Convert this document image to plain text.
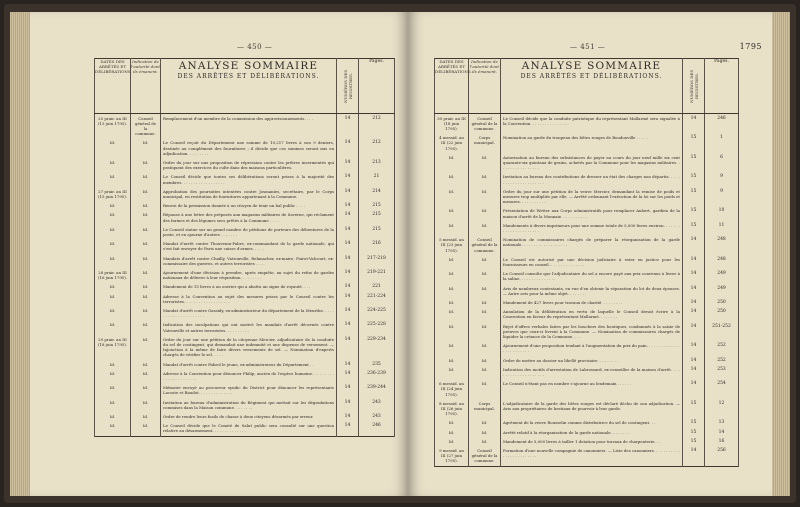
— 450 —
DATES DES ARRÊTÉS ET DÉLIBÉRATIONS.	Indication de l'autorité dont ils émanent.	ANALYSE SOMMAIRE
DES ARRÊTÉS ET DÉLIBÉRATIONS.	NUMÉROS DES REGISTRES.	Pages.

25 prair. an III (13 juin 1795).	Conseil général de la commune.	Remplacement d'un membre de la commission des approvisionnements. . . .	14	212
Id.	Id.	Le Conseil reçoit du Département une somme de 10,217 livres à son 9 deniers, destinée au complément des fournitures ; il décide que ces sommes seront mis en adjudication. . . . . . . . .	14	212
Id.	Id.	Ordre du jour sur une proposition de répression contre les prêtres insermentés qui pratiquent des exercices du culte dans des maisons particulières.	14	213
Id.	Id.	Le Conseil décide que toutes ses délibérations seront prises à la majorité des membres. . . . . . . . . . . . . . . . . .	14	21
27 prair. an III (15 juin 1795).	Id.	Approbation des poursuites intentées contre Josmanies, secrétaire, par le Corps municipal, en restitution de fournitures appartenant à la Commune.	14	214
Id.	Id.	Renvoi de la permission donnée à un citoyen de tenir un bal public . . . .	14	215
Id.	Id.	Réponse à une lettre des préposés aux magasins militaires de Saverne, qui réclament des farines et des légumes secs prêtés à la Commune . . . .	14	215
Id.	Id.	Le Conseil statue sur un grand nombre de pétitions de porteurs des débentures de la poste, et en ajourne d'autres . . . . . . .	14	215
Id.	Id.	Mandat d'arrêt contre Thouvenin-Fabre, ex-commandant de la garde nationale, qui s'est fait envoyer de Paris une caisse d'armes. . . . .	14	216
Id.	Id.	Mandats d'arrêt contre Chailly, Vatronville, Rehmacher, ex-maire, Poirot-Valcourt, ex-commissaire des guerres, et autres terroristes . . . .	14	217-218
28 prair. an III (16 juin 1795).	Id.	Ajournement d'une décision à prendre, après enquête, au sujet du refus de gardes nationaux de délivrer à leur réquisition. . . . . . . . .	14	219-221
Id.	Id.	Mandement de 15 livres à un ouvrier qui a abattu un signe de royauté. . . .	14	221
Id.	Id.	Adresse à la Convention au sujet des mesures prises par le Conseil contre les terroristes. . . . . . . . . . . . . . . . . . .	14	221-224
Id.	Id.	Mandat d'arrêt contre Gassidy, ex-administrateur du département de la Meurthe. . . . . . . . . . . . . . . . . . . . . .	14	224-225
Id.	Id.	Indication des inculpations qui ont motivé les mandats d'arrêt décernés contre Vatronville et autres terroristes. . . . . . . . . .	14	225-228
29 prair. an III (18 juin 1795).	Id.	Ordre du jour sur une pétition de la citoyenne Mercier, adjudicataire de la conduite du sel de contingent, qui demandait une indemnité et une dispense de versement. — Injonction à la même de faire divers versements de sel. — Nomination d'experts chargés de vérifier le sel. . . . .	14	229-234
Id.	Id.	Mandat d'arrêt contre Fabrol le jeune, ex-administrateur du Département . .	14	235
Id.	Id.	Adresse à la Convention pour dénoncer Philip, ancien de l'espèce humaine. . . . . . . . . . . . . . . . . . . . . . .	14	236-239
Id.	Id.	Mémoire envoyé au procureur syndic du District pour dénoncer les représentants Lacoste et Baudot. . . . . . . . . . . . . .	14	239-244
Id.	Id.	Invitation au bureau d'administration du Régiment qui mettait sur les dégradations commises dans la Maison commune. . . . . . . .	14	243
Id.	Id.	Ordre de rendre leurs fusils de chasse à deux citoyens désarmés par erreur.	14	243
Id.	Id.	Le Conseil décide que le Comité de Salut public sera consulté sur une question relative au désarmement. . . . . . . . . . . . . .	14	246
— 451 —	1795
DATES DES ARRÊTÉS ET DÉLIBÉRATIONS.	Indication de l'autorité dont ils émanent.	ANALYSE SOMMAIRE
DES ARRÊTÉS ET DÉLIBÉRATIONS.	NUMÉROS DES REGISTRES.	Pages.

30 prair. an III (18 juin 1795).	Conseil général de la commune.	Le Conseil décide que la conduite patriotique du représentant Mallarmé sera signalée à la Convention. . . . . . . . . . . . . . . .	14	246
4 messid. an III (22 juin 1795).	Corps municipal.	Nomination au garde du troupeau des bêtes rouges de Boudonville . . . . .	15	1
Id.	Id.	Autorisation au bureau des subsistances de payer au cours du jour neuf mille six cent quarante-six quintaux de grains, achetés par la Commune pour les magasins militaires. . . . . . . . . . . . . . . . .	15	6
Id.	Id.	Invitation au bureau des contributions de dresser un état des charges non départis. . . . . . . . . . . . . . . . . . . . . .	15	9
Id.	Id.	Ordre du jour sur une pétition de la veuve Mercier, demandant la remise de poids et mesures trop multipliés par elle. — Arrêté ordonnant l'exécution de la loi sur les poids et mesures. . . . . . . . . . .	15	9
Id.	Id.	Présentation de Wetter aux Corps administratifs pour remplacer Aubert, gardien de la maison d'arrêt de la Monnaie. . . . . . . . . . .	15	10
Id.	Id.	Mandements à divers imprimeurs pour une somme totale de 5,000 livres environ. . . . . . . . . . . . . . . . . . . . . .	15	11
5 messid. an III (23 juin 1795).	Conseil général de la commune.	Nomination de commissaires chargés de préparer la réorganisation de la garde nationale. . . . . . . . . . . . . . . . . . .	14	248
Id.	Id.	Le Conseil est autorisé par une décision judiciaire à ester en justice pour les fournisseurs en conseil. . . . . . . . . . . . . . .	14	248
Id.	Id.	Le Conseil consulte que l'adjudicataire du sel a encore payé aux prix convenus à livrer à la saline. . . . . . . . . . . . . . .	14	249
Id.	Id.	Avis de nombreux contestants, en vue d'en obtenir la séparation du lot de deux épouses. — Autre avis pour la même objet. . . . . . . .	14	249
Id.	Id.	Mandement de 427 livres pour travaux de charité. . . . . . . . .	14	250
Id.	Id.	Annulation de la délibération en vertu de laquelle le Conseil devait écrire à la Convention en faveur du représentant Mallarmé. . . . . . . .	14	250
Id.	Id.	Rejet d'offres verbales faites par les bouchers des boutiques, condamnés à la saisie de preuves que ceux-ci livrent à la Commune. — Nomination de commissaires chargés de liquider la créance de la Commune. . . .	14	251-252
Id.	Id.	Ajournement d'une proposition tendant à l'augmentation du prix du pain. . . . . . . . . . . . . . . . . . . . . . . . .	14	252
Id.	Id.	Ordre de mettre au dossier un libellé provisoire. . . . . . . . .	14	252
Id.	Id.	Indication des motifs d'arrestation de Labrossard, ex-conseiller de la maison d'arrêt. . . . . . . . . . . . . . . . . . . . .	14	253
6 messid. an III (24 juin 1795).	Id.	Le Conseil n'étant pas en nombre s'ajourne au lendemain . . . . . .	14	254
8 messid. an III (26 juin 1795).	Corps municipal.	L'adjudicataire de la garde des bêtes rouges est déclaré déchu de son adjudication. — Avis aux propriétaires de bestiaux de pourvoir à leur garde.	15	12
Id.	Id.	Agrément de la veuve Rousselin comme distributrice du sel de contingent. . .	15	13
Id.	Id.	Arrêté relatif à la réorganisation de la garde nationale. . . . . . . .	15	14
Id.	Id.	Mandement de 5,000 livres à tailler 1 dotation pour travaux de charpenterie. . .	15	16
9 messid. an III (27 juin 1795).	Conseil général de la commune.	Formation d'une nouvelle compagnie de canonniers. — Liste des canonniers. . . . . . . . . . . . . . . . . . . . . . . . .	14	256
